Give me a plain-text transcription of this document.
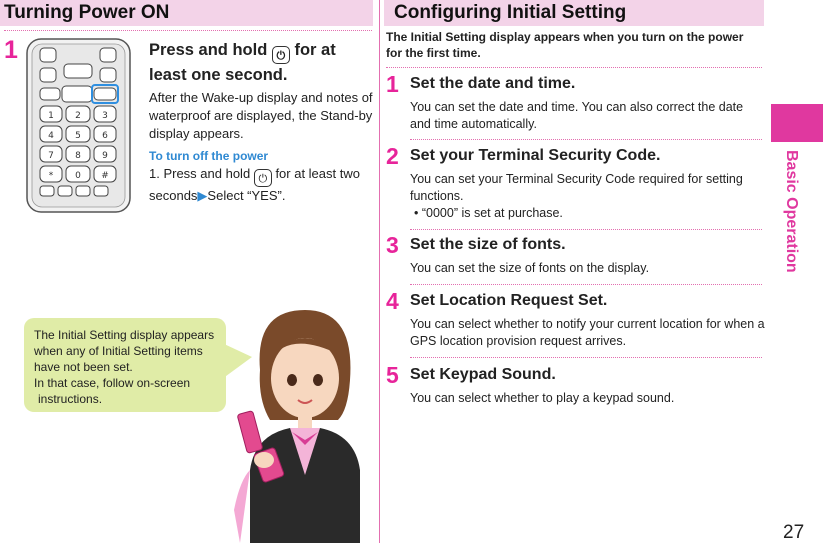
Turning Power ON	Configuring Initial Setting
1
1 2 3
4 5 6
7 8 9
* 0 #
Press and hold ⏻ for at least one second.
After the Wake-up display and notes of waterproof are displayed, the Stand-by display appears.
To turn off the power
1. Press and hold ⏻ for at least two seconds▶Select “YES”.
The Initial Setting display appears
when any of Initial Setting items
have not been set.
In that case, follow on-screen
instructions.
The Initial Setting display appears when you turn on the power for the first time.
1 Set the date and time.
You can set the date and time. You can also correct the date and time automatically.
2 Set your Terminal Security Code.
You can set your Terminal Security Code required for setting functions.
• “0000” is set at purchase.
3 Set the size of fonts.
You can set the size of fonts on the display.
4 Set Location Request Set.
You can select whether to notify your current location for when a GPS location provision request arrives.
5 Set Keypad Sound.
You can select whether to play a keypad sound.
Basic Operation
27
